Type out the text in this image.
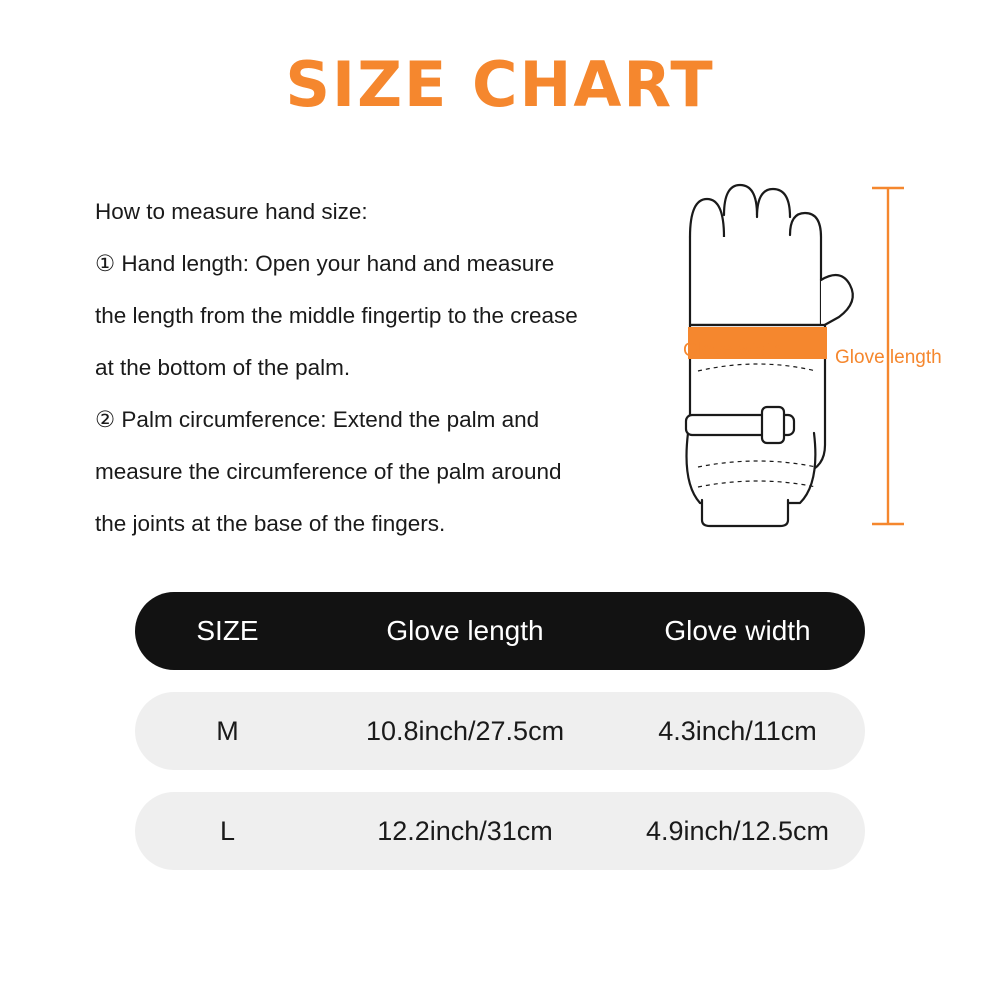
SIZE CHART

How to measure hand size:

① Hand length: Open your hand and measure

the length from the middle fingertip to the crease

at the bottom of the palm.

② Palm circumference: Extend the palm and

measure the circumference of the palm around

the joints at the base of the fingers.

Glove width	Glove length
SIZE	Glove length	Glove width
M	10.8inch/27.5cm	4.3inch/11cm
L	12.2inch/31cm	4.9inch/12.5cm
